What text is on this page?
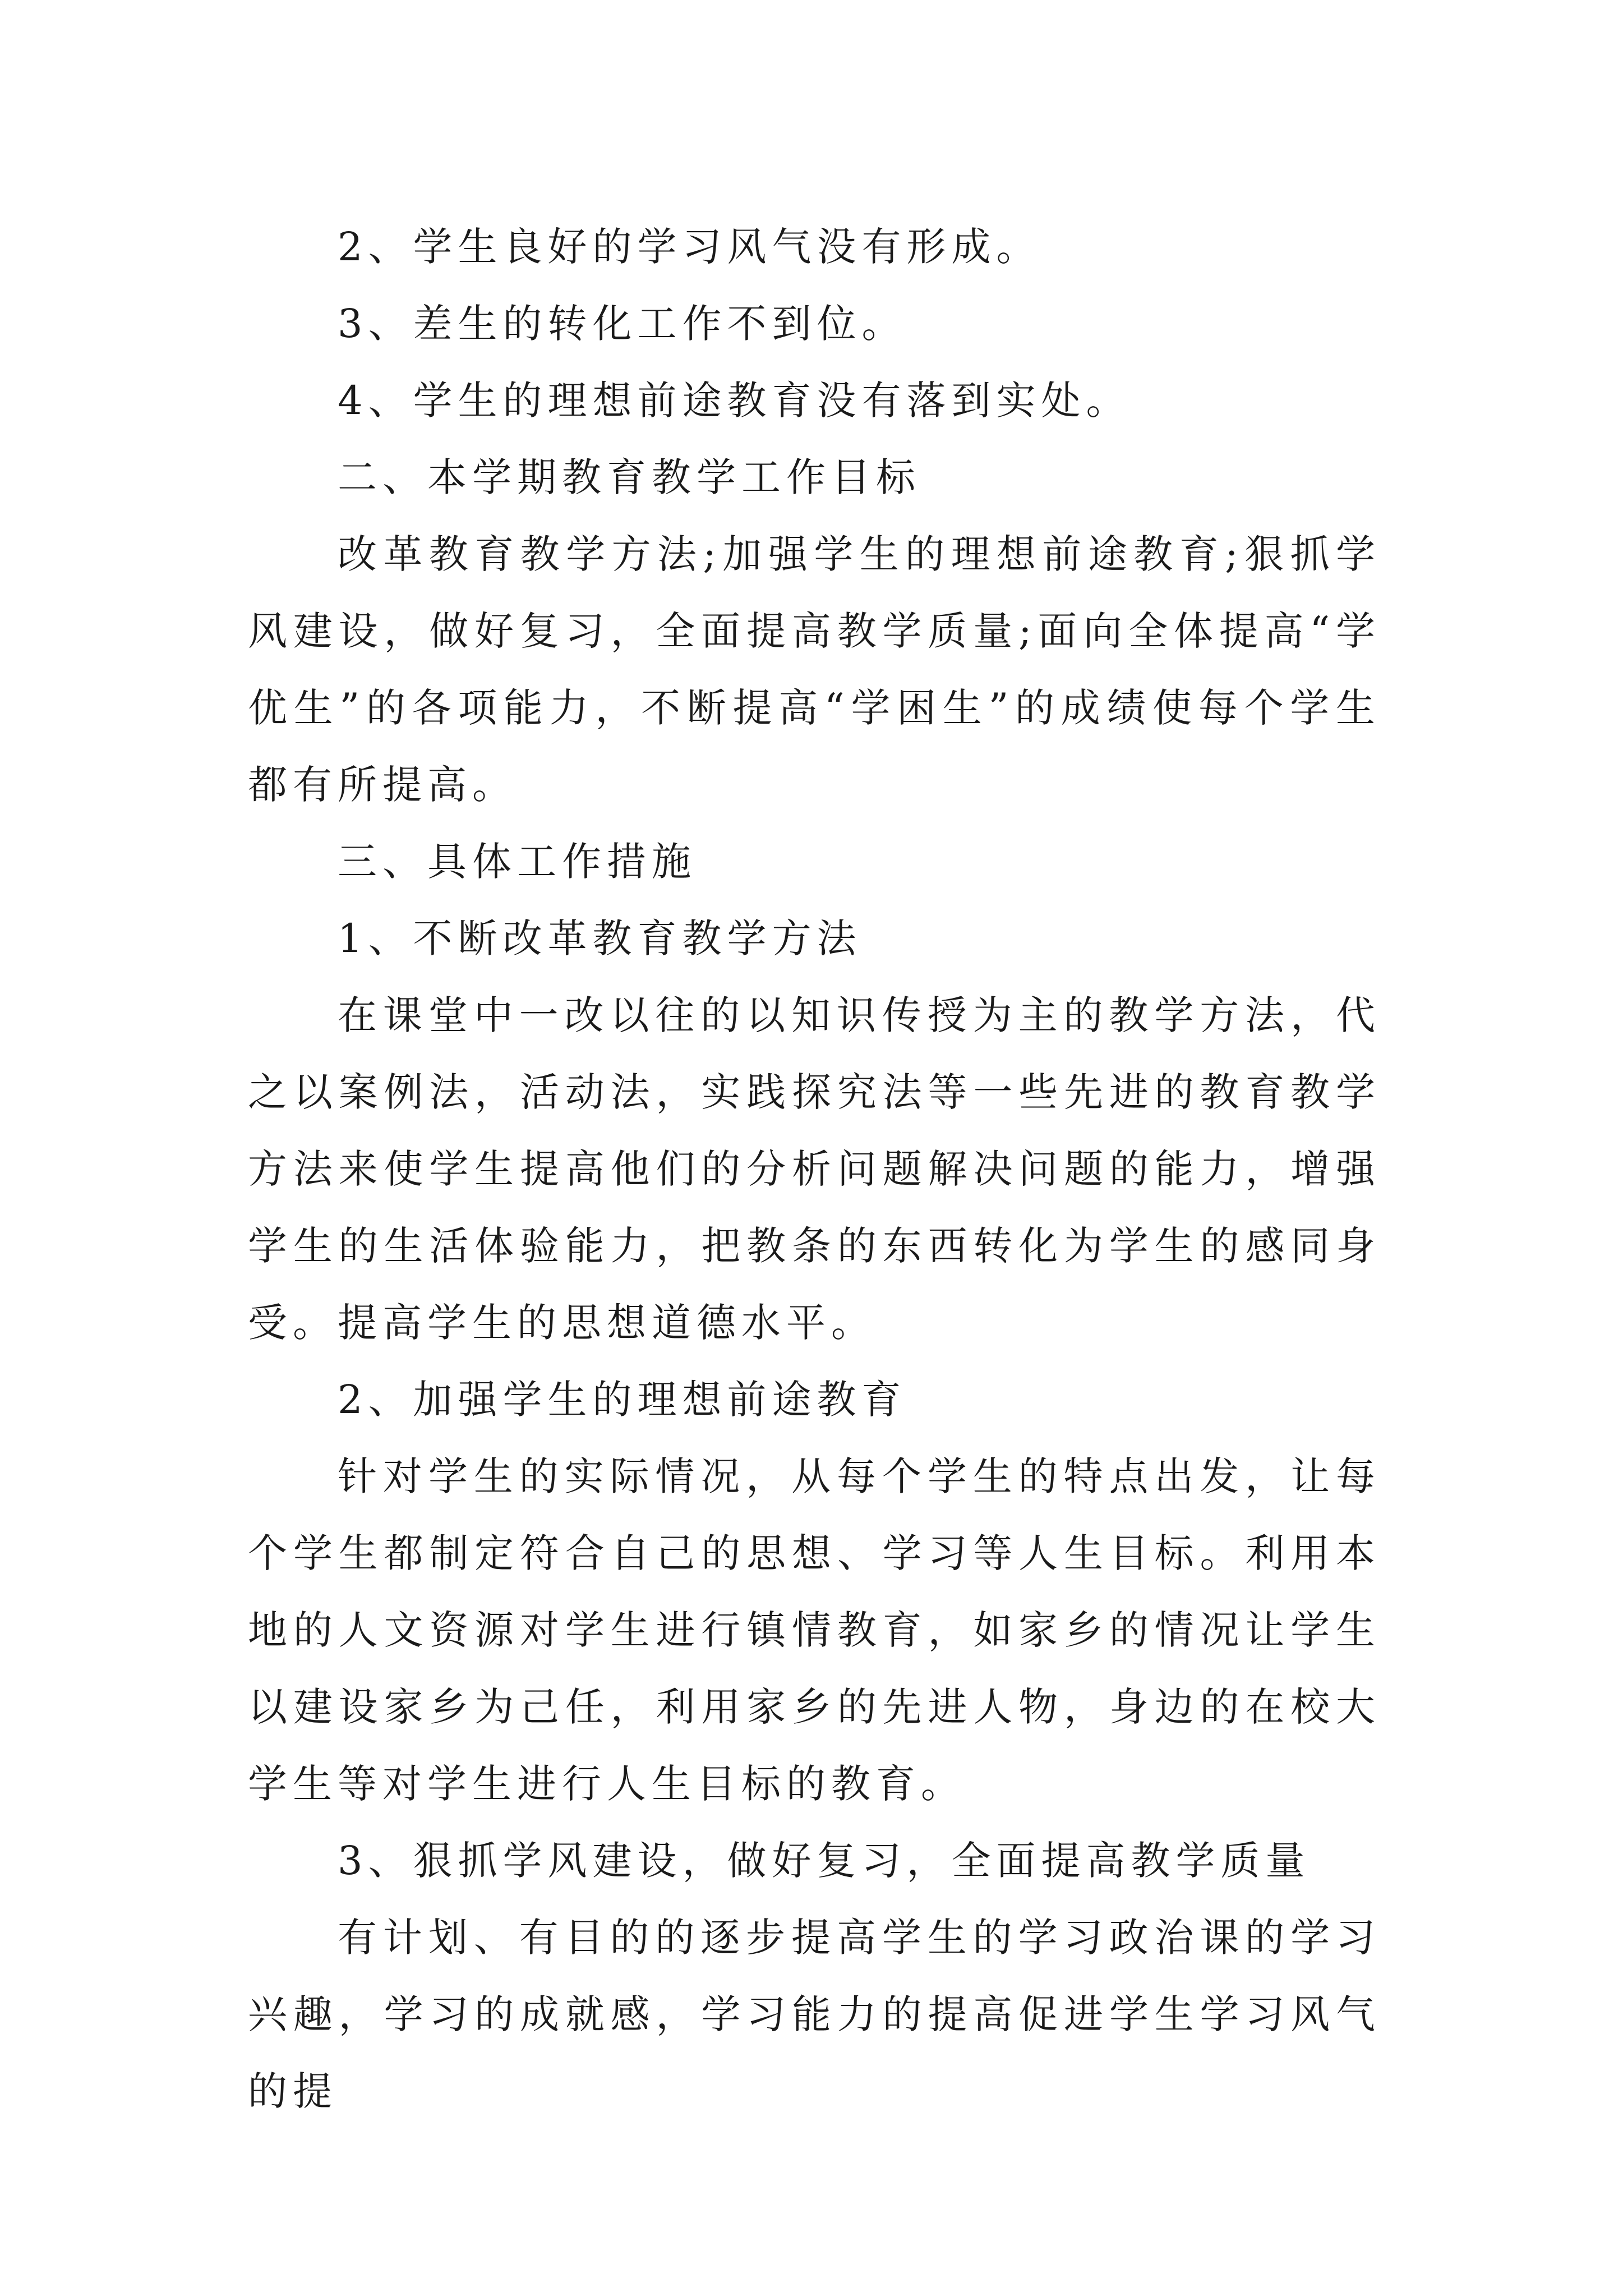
2、学生良好的学习风气没有形成。

3、差生的转化工作不到位。

4、学生的理想前途教育没有落到实处。

二、本学期教育教学工作目标

改革教育教学方法;加强学生的理想前途教育;狠抓学风建设，做好复习，全面提高教学质量;面向全体提高“学优生”的各项能力，不断提高“学困生”的成绩使每个学生都有所提高。

三、具体工作措施

1、不断改革教育教学方法

在课堂中一改以往的以知识传授为主的教学方法，代之以案例法，活动法，实践探究法等一些先进的教育教学方法来使学生提高他们的分析问题解决问题的能力，增强学生的生活体验能力，把教条的东西转化为学生的感同身受。提高学生的思想道德水平。

2、加强学生的理想前途教育

针对学生的实际情况，从每个学生的特点出发，让每个学生都制定符合自己的思想、学习等人生目标。利用本地的人文资源对学生进行镇情教育，如家乡的情况让学生以建设家乡为己任，利用家乡的先进人物，身边的在校大学生等对学生进行人生目标的教育。

3、狠抓学风建设，做好复习，全面提高教学质量

有计划、有目的的逐步提高学生的学习政治课的学习兴趣，学习的成就感，学习能力的提高促进学生学习风气的提
